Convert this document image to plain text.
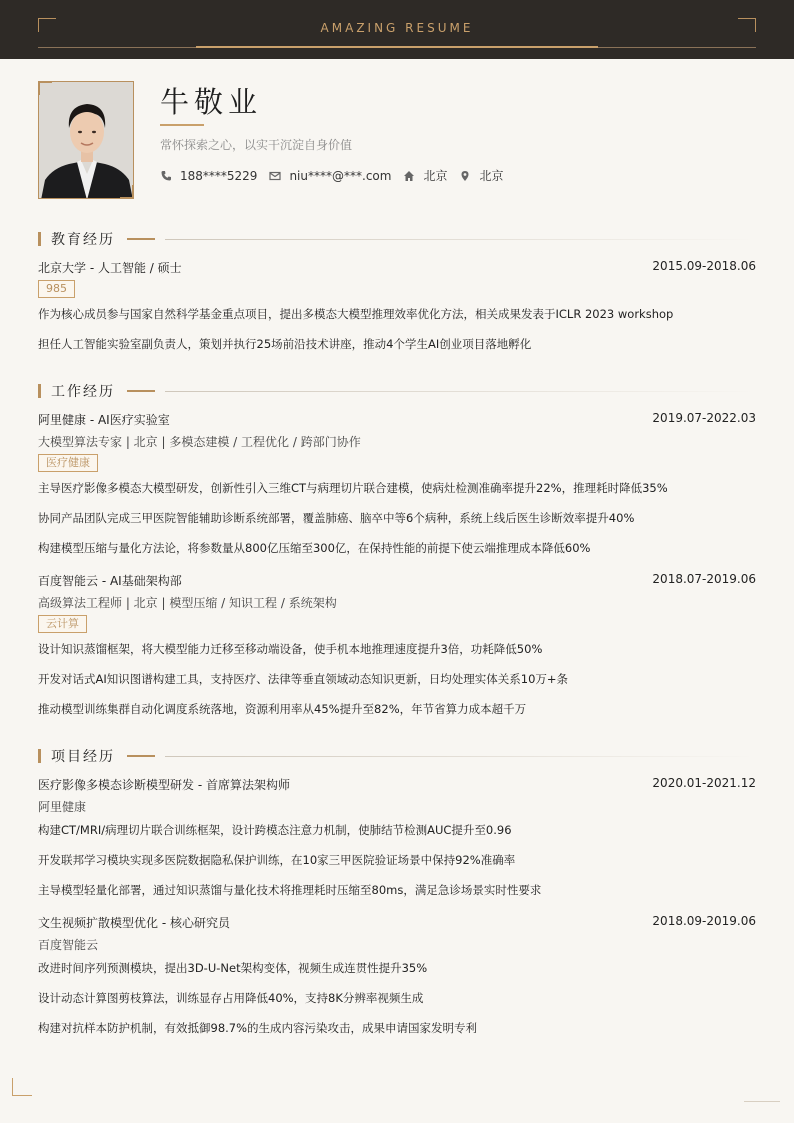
AMAZING RESUME
牛敬业
常怀探索之心，以实干沉淀自身价值
188****5229	niu****@***.com	北京	北京
教育经历
北京大学 - 人工智能 / 硕士	2015.09-2018.06
985
作为核心成员参与国家自然科学基金重点项目，提出多模态大模型推理效率优化方法，相关成果发表于ICLR 2023 workshop
担任人工智能实验室副负责人，策划并执行25场前沿技术讲座，推动4个学生AI创业项目落地孵化
工作经历
阿里健康 - AI医疗实验室	2019.07-2022.03
大模型算法专家 | 北京 | 多模态建模 / 工程优化 / 跨部门协作
医疗健康
主导医疗影像多模态大模型研发，创新性引入三维CT与病理切片联合建模，使病灶检测准确率提升22%，推理耗时降低35%
协同产品团队完成三甲医院智能辅助诊断系统部署，覆盖肺癌、脑卒中等6个病种，系统上线后医生诊断效率提升40%
构建模型压缩与量化方法论，将参数量从800亿压缩至300亿，在保持性能的前提下使云端推理成本降低60%
百度智能云 - AI基础架构部	2018.07-2019.06
高级算法工程师 | 北京 | 模型压缩 / 知识工程 / 系统架构
云计算
设计知识蒸馏框架，将大模型能力迁移至移动端设备，使手机本地推理速度提升3倍，功耗降低50%
开发对话式AI知识图谱构建工具，支持医疗、法律等垂直领域动态知识更新，日均处理实体关系10万+条
推动模型训练集群自动化调度系统落地，资源利用率从45%提升至82%，年节省算力成本超千万
项目经历
医疗影像多模态诊断模型研发 - 首席算法架构师	2020.01-2021.12
阿里健康
构建CT/MRI/病理切片联合训练框架，设计跨模态注意力机制，使肺结节检测AUC提升至0.96
开发联邦学习模块实现多医院数据隐私保护训练，在10家三甲医院验证场景中保持92%准确率
主导模型轻量化部署，通过知识蒸馏与量化技术将推理耗时压缩至80ms，满足急诊场景实时性要求
文生视频扩散模型优化 - 核心研究员	2018.09-2019.06
百度智能云
改进时间序列预测模块，提出3D-U-Net架构变体，视频生成连贯性提升35%
设计动态计算图剪枝算法，训练显存占用降低40%，支持8K分辨率视频生成
构建对抗样本防护机制，有效抵御98.7%的生成内容污染攻击，成果申请国家发明专利
